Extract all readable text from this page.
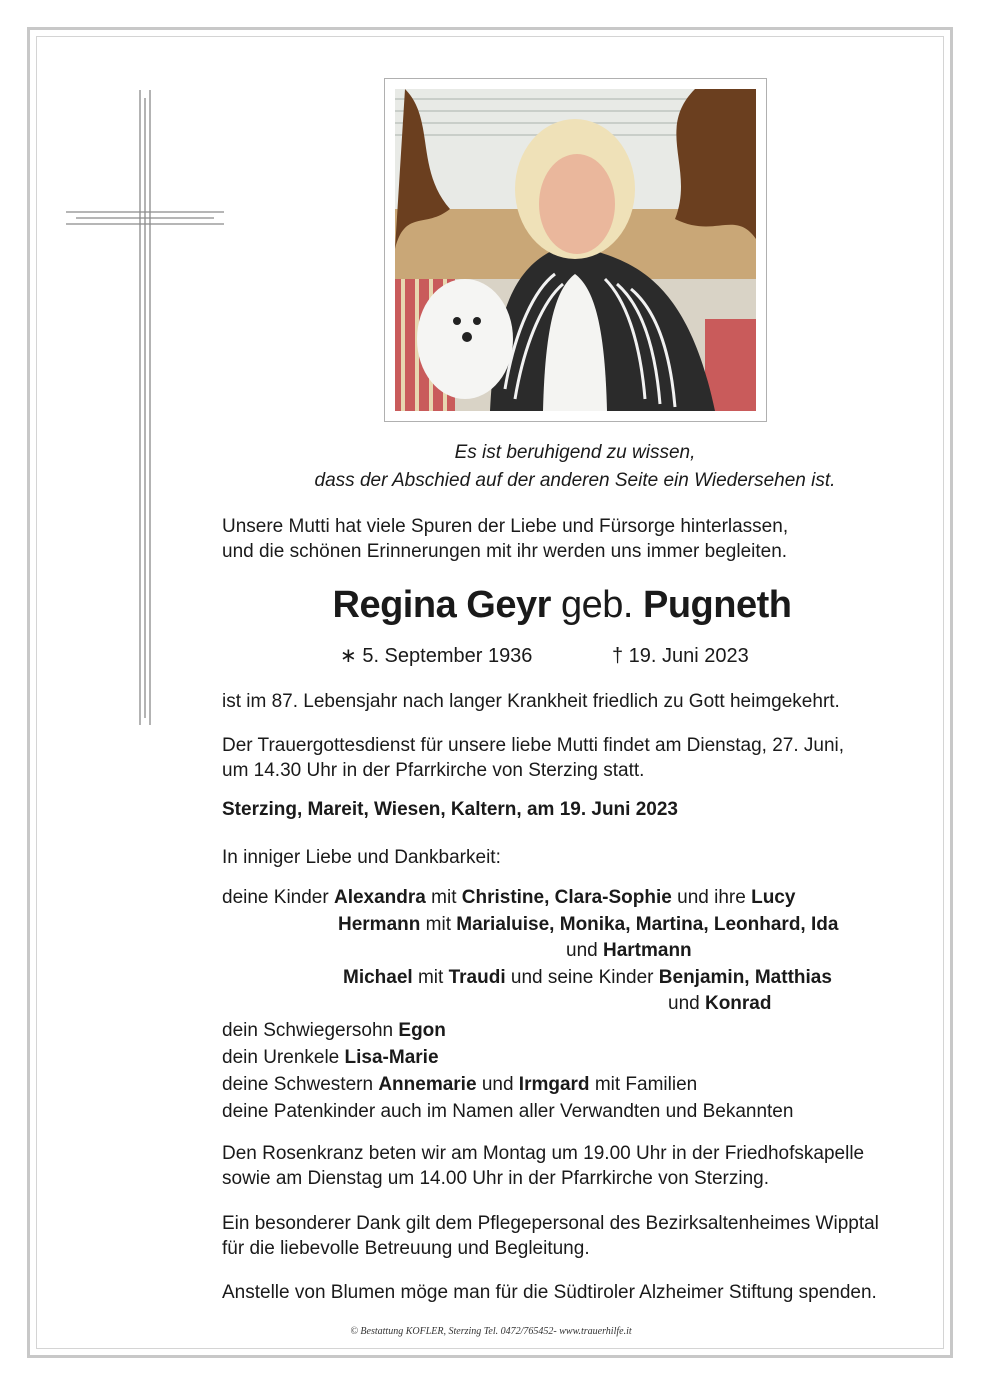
Es ist beruhigend zu wissen,
dass der Abschied auf der anderen Seite ein Wiedersehen ist.
Unsere Mutti hat viele Spuren der Liebe und Fürsorge hinterlassen,
und die schönen Erinnerungen mit ihr werden uns immer begleiten.
Regina Geyr geb. Pugneth
∗ 5. September 1936	† 19. Juni 2023
ist im 87. Lebensjahr nach langer Krankheit friedlich zu Gott heimgekehrt.
Der Trauergottesdienst für unsere liebe Mutti findet am Dienstag, 27. Juni,
um 14.30 Uhr in der Pfarrkirche von Sterzing statt.
Sterzing, Mareit, Wiesen, Kaltern, am 19. Juni 2023
In inniger Liebe und Dankbarkeit:
deine Kinder Alexandra mit Christine, Clara-Sophie und ihre Lucy
Hermann mit Marialuise, Monika, Martina, Leonhard, Ida
und Hartmann
Michael mit Traudi und seine Kinder Benjamin, Matthias
und Konrad
dein Schwiegersohn Egon
dein Urenkele Lisa-Marie
deine Schwestern Annemarie und Irmgard mit Familien
deine Patenkinder auch im Namen aller Verwandten und Bekannten
Den Rosenkranz beten wir am Montag um 19.00 Uhr in der Friedhofskapelle
sowie am Dienstag um 14.00 Uhr in der Pfarrkirche von Sterzing.
Ein besonderer Dank gilt dem Pflegepersonal des Bezirksaltenheimes Wipptal
für die liebevolle Betreuung und Begleitung.
Anstelle von Blumen möge man für die Südtiroler Alzheimer Stiftung spenden.
© Bestattung KOFLER, Sterzing Tel. 0472/765452- www.trauerhilfe.it
